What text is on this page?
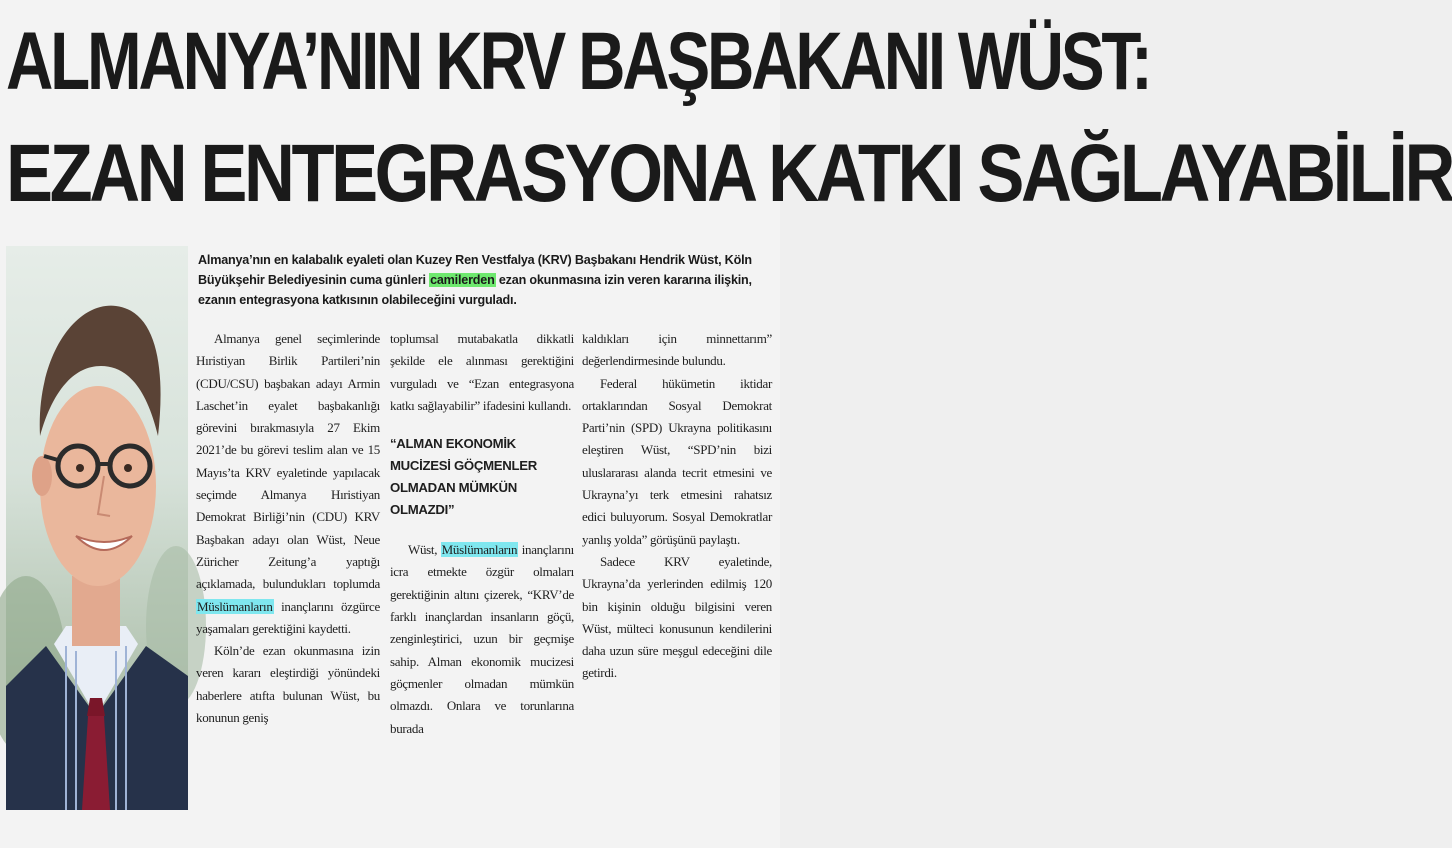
ALMANYA’NIN KRV BAŞBAKANI WÜST:
EZAN ENTEGRASYONA KATKI SAĞLAYABİLİR
Almanya’nın en kalabalık eyaleti olan Kuzey Ren Vestfalya (KRV) Başbakanı Hendrik Wüst, Köln Büyükşehir Belediyesinin cuma günleri camilerden ezan okunmasına izin veren kararına ilişkin, ezanın entegrasyona katkısının olabileceğini vurguladı.

Almanya genel seçimlerinde Hıristiyan Birlik Partileri’nin (CDU/CSU) başbakan adayı Armin Laschet’in eyalet başbakanlığı görevini bırakmasıyla 27 Ekim 2021’de bu görevi teslim alan ve 15 Mayıs’ta KRV eyaletinde yapılacak seçimde Almanya Hıristiyan Demokrat Birliği’nin (CDU) KRV Başbakan adayı olan Wüst, Neue Züricher Zeitung’a yaptığı açıklamada, bulundukları toplumda Müslümanların inançlarını özgürce yaşamaları gerektiğini kaydetti.

Köln’de ezan okunmasına izin veren kararı eleştirdiği yönündeki haberlere atıfta bulunan Wüst, bu konunun geniş

toplumsal mutabakatla dikkatli şekilde ele alınması gerektiğini vurguladı ve “Ezan entegrasyona katkı sağlayabilir” ifadesini kullandı.

“ALMAN EKONOMİK MUCİZESİ GÖÇMENLER OLMADAN MÜMKÜN OLMAZDI”

Wüst, Müslümanların inançlarını icra etmekte özgür olmaları gerektiğinin altını çizerek, “KRV’de farklı inançlardan insanların göçü, zenginleştirici, uzun bir geçmişe sahip. Alman ekonomik mucizesi göçmenler olmadan mümkün olmazdı. Onlara ve torunlarına burada

kaldıkları için minnettarım” değerlendirmesinde bulundu.

Federal hükümetin iktidar ortaklarından Sosyal Demokrat Parti’nin (SPD) Ukrayna politikasını eleştiren Wüst, “SPD’nin bizi uluslararası alanda tecrit etmesini ve Ukrayna’yı terk etmesini rahatsız edici buluyorum. Sosyal Demokratlar yanlış yolda” görüşünü paylaştı.

Sadece KRV eyaletinde, Ukrayna’da yerlerinden edilmiş 120 bin kişinin olduğu bilgisini veren Wüst, mülteci konusunun kendilerini daha uzun süre meşgul edeceğini dile getirdi.
